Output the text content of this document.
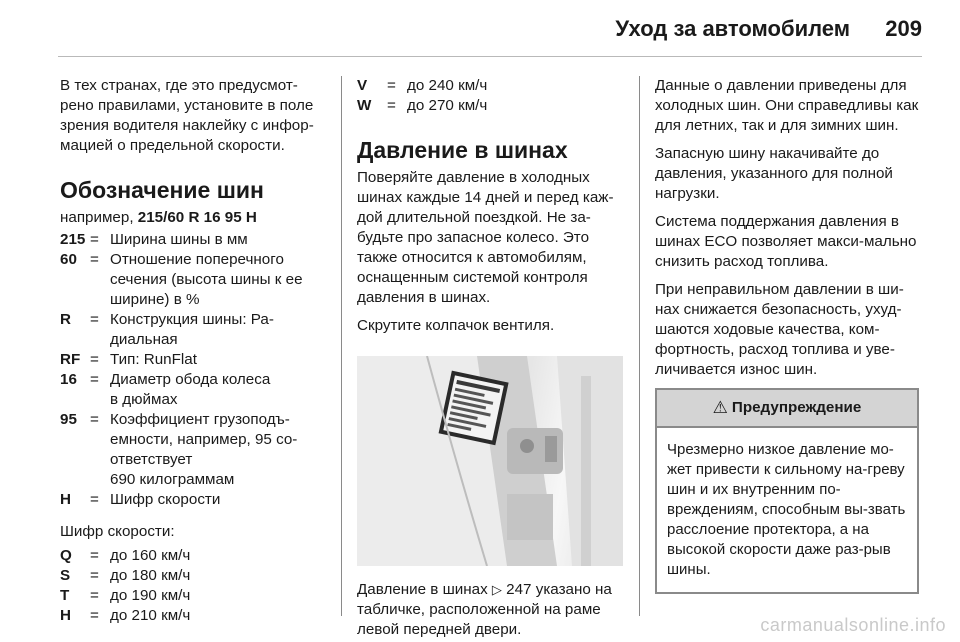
Уход за автомобилем 209

В тех странах, где это предусмот-рено правилами, установите в поле зрения водителя наклейку с инфор-мацией о предельной скорости.

Обозначение шин
например, 215/60 R 16 95 H
215 = Ширина шины в мм
60 = Отношение поперечного
сечения (высота шины к ее
ширине) в %
R	= Конструкция шины: Ра-
диальная
RF = Тип: RunFlat
16 = Диаметр обода колеса
в дюймах
95 = Коэффициент грузоподъ-
емности, например, 95 со-
ответствует
690 килограммам
H	= Шифр скорости

Шифр скорости:

Q	= до 160 км/ч
S	= до 180 км/ч
T	= до 190 км/ч
H	= до 210 км/ч
V	= до 240 км/ч
W	= до 270 км/ч
Давление в шинах

Поверяйте давление в холодных шинах каждые 14 дней и перед каж-дой длительной поездкой. Не за-будьте про запасное колесо. Это также относится к автомобилям, оснащенным системой контроля давления в шинах.

Скрутите колпачок вентиля.

Давление в шинах ▷ 247 указано на табличке, расположенной на раме левой передней двери.

Данные о давлении приведены для холодных шин. Они справедливы как для летних, так и для зимних шин.

Запасную шину накачивайте до давления, указанного для полной нагрузки.

Система поддержания давления в шинах ECO позволяет макси-мально снизить расход топлива.

При неправильном давлении в ши-нах снижается безопасность, ухуд-шаются ходовые качества, ком-фортность, расход топлива и уве-личивается износ шин.

⚠ Предупреждение
Чрезмерно низкое давление мо-жет привести к сильному на-греву шин и их внутренним по-вреждениям, способным вы-звать расслоение протектора, а на высокой скорости даже раз-рыв шины.
carmanualsonline.info
